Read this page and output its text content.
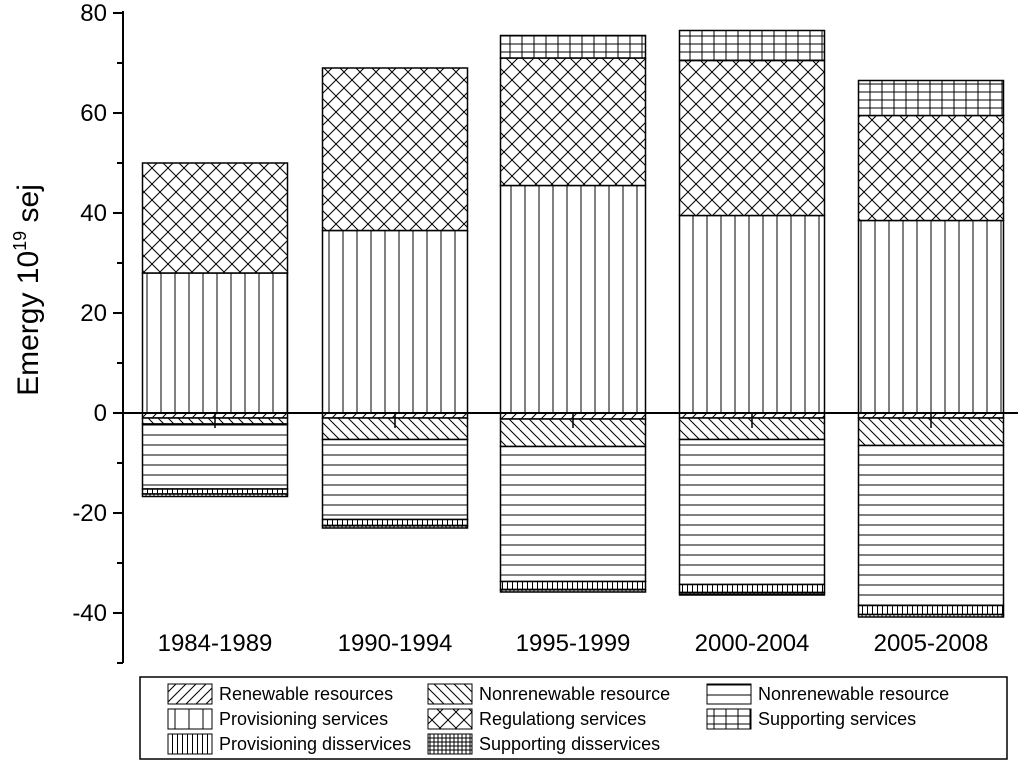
-40
-20
0
20
40
60
80
1984-1989	1990-1994	1995-1999	2000-2004	2005-2008
Emergy $10^{19}$ sej
Renewable resources	Nonrenewable resource	Nonrenewable resource
Provisioning services	Regulationg services	Supporting services
Provisioning disservices	Supporting disservices
